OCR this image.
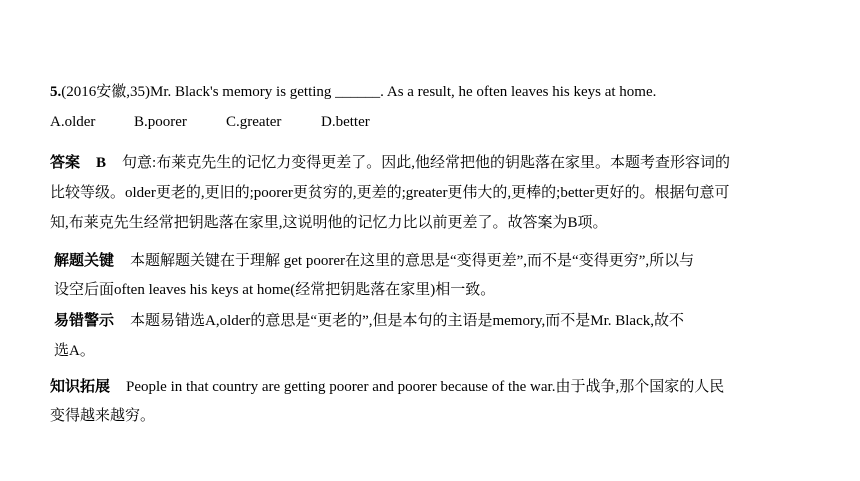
5.(2016安徽,35)Mr. Black's memory is getting ______. As a result, he often leaves his keys at home.
A.older	B.poorer	C.greater	D.better
答案 B 句意:布莱克先生的记忆力变得更差了。因此,他经常把他的钥匙落在家里。本题考查形容词的
比较等级。older更老的,更旧的;poorer更贫穷的,更差的;greater更伟大的,更棒的;better更好的。根据句意可
知,布莱克先生经常把钥匙落在家里,这说明他的记忆力比以前更差了。故答案为B项。
解题关键 本题解题关键在于理解 get poorer在这里的意思是“变得更差”,而不是“变得更穷”,所以与
设空后面often leaves his keys at home(经常把钥匙落在家里)相一致。
易错警示 本题易错选A,older的意思是“更老的”,但是本句的主语是memory,而不是Mr. Black,故不
选A。
知识拓展 People in that country are getting poorer and poorer because of the war.由于战争,那个国家的人民
变得越来越穷。
